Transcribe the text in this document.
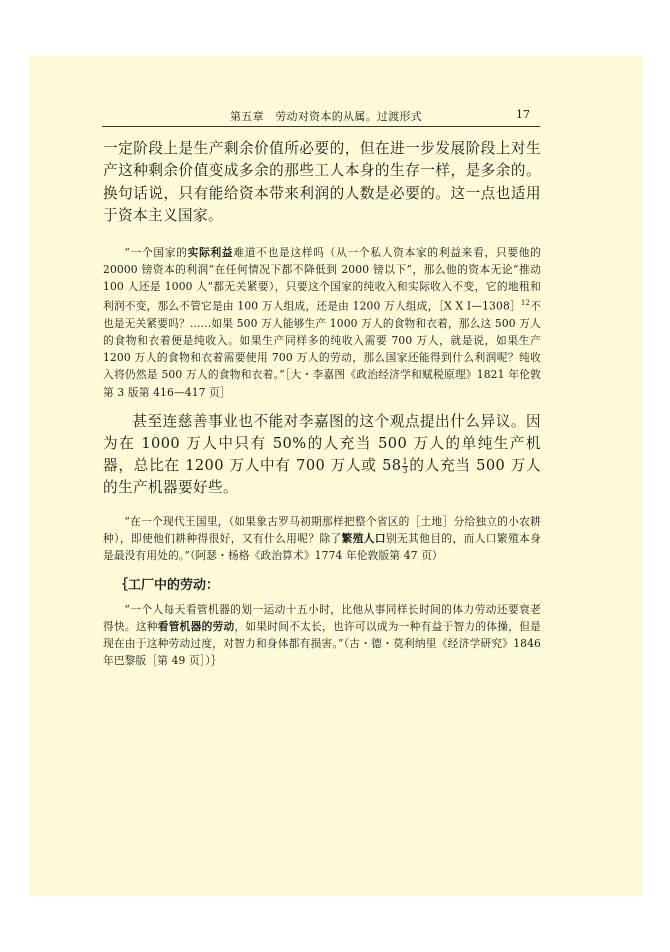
第五章　劳动对资本的从属。过渡形式	17

一定阶段上是生产剩余价值所必要的，但在进一步发展阶段上对生产这种剩余价值变成多余的那些工人本身的生存一样，是多余的。换句话说，只有能给资本带来利润的人数是必要的。这一点也适用于资本主义国家。

“一个国家的实际利益难道不也是这样吗（从一个私人资本家的利益来看，只要他的 20000 镑资本的利润“在任何情况下都不降低到 2000 镑以下”，那么他的资本无论“推动 100 人还是 1000 人”都无关紧要），只要这个国家的纯收入和实际收入不变，它的地租和利润不变，那么不管它是由 100 万人组成，还是由 1200 万人组成，［X X Ⅰ—1308］$^{12}$不也是无关紧要吗？……如果 500 万人能够生产 1000 万人的食物和衣着，那么这 500 万人的食物和衣着便是纯收入。如果生产同样多的纯收入需要 700 万人，就是说，如果生产 1200 万人的食物和衣着需要使用 700 万人的劳动，那么国家还能得到什么利润呢？纯收入将仍然是 500 万人的食物和衣着。”［大・李嘉图《政治经济学和赋税原理》1821 年伦敦第 3 版第 416—417 页］

甚至连慈善事业也不能对李嘉图的这个观点提出什么异议。因为在 1000 万人中只有 50%的人充当 500 万人的单纯生产机器，总比在 1200 万人中有 700 万人或 $58 \frac{1}{3}$ 的人充当 500 万人的生产机器要好些。

“在一个现代王国里，（如果象古罗马初期那样把整个省区的［土地］分给独立的小农耕种），即使他们耕种得很好，又有什么用呢？除了繁殖人口别无其他目的，而人口繁殖本身是最没有用处的。”（阿瑟・杨格《政治算术》1774 年伦敦版第 47 页）

｛工厂中的劳动：

“一个人每天看管机器的划一运动十五小时，比他从事同样长时间的体力劳动还要衰老得快。这种看管机器的劳动，如果时间不太长，也许可以成为一种有益于智力的体操，但是现在由于这种劳动过度，对智力和身体都有损害。”（古・德・莫利纳里《经济学研究》1846 年巴黎版［第 49 页］）｝
